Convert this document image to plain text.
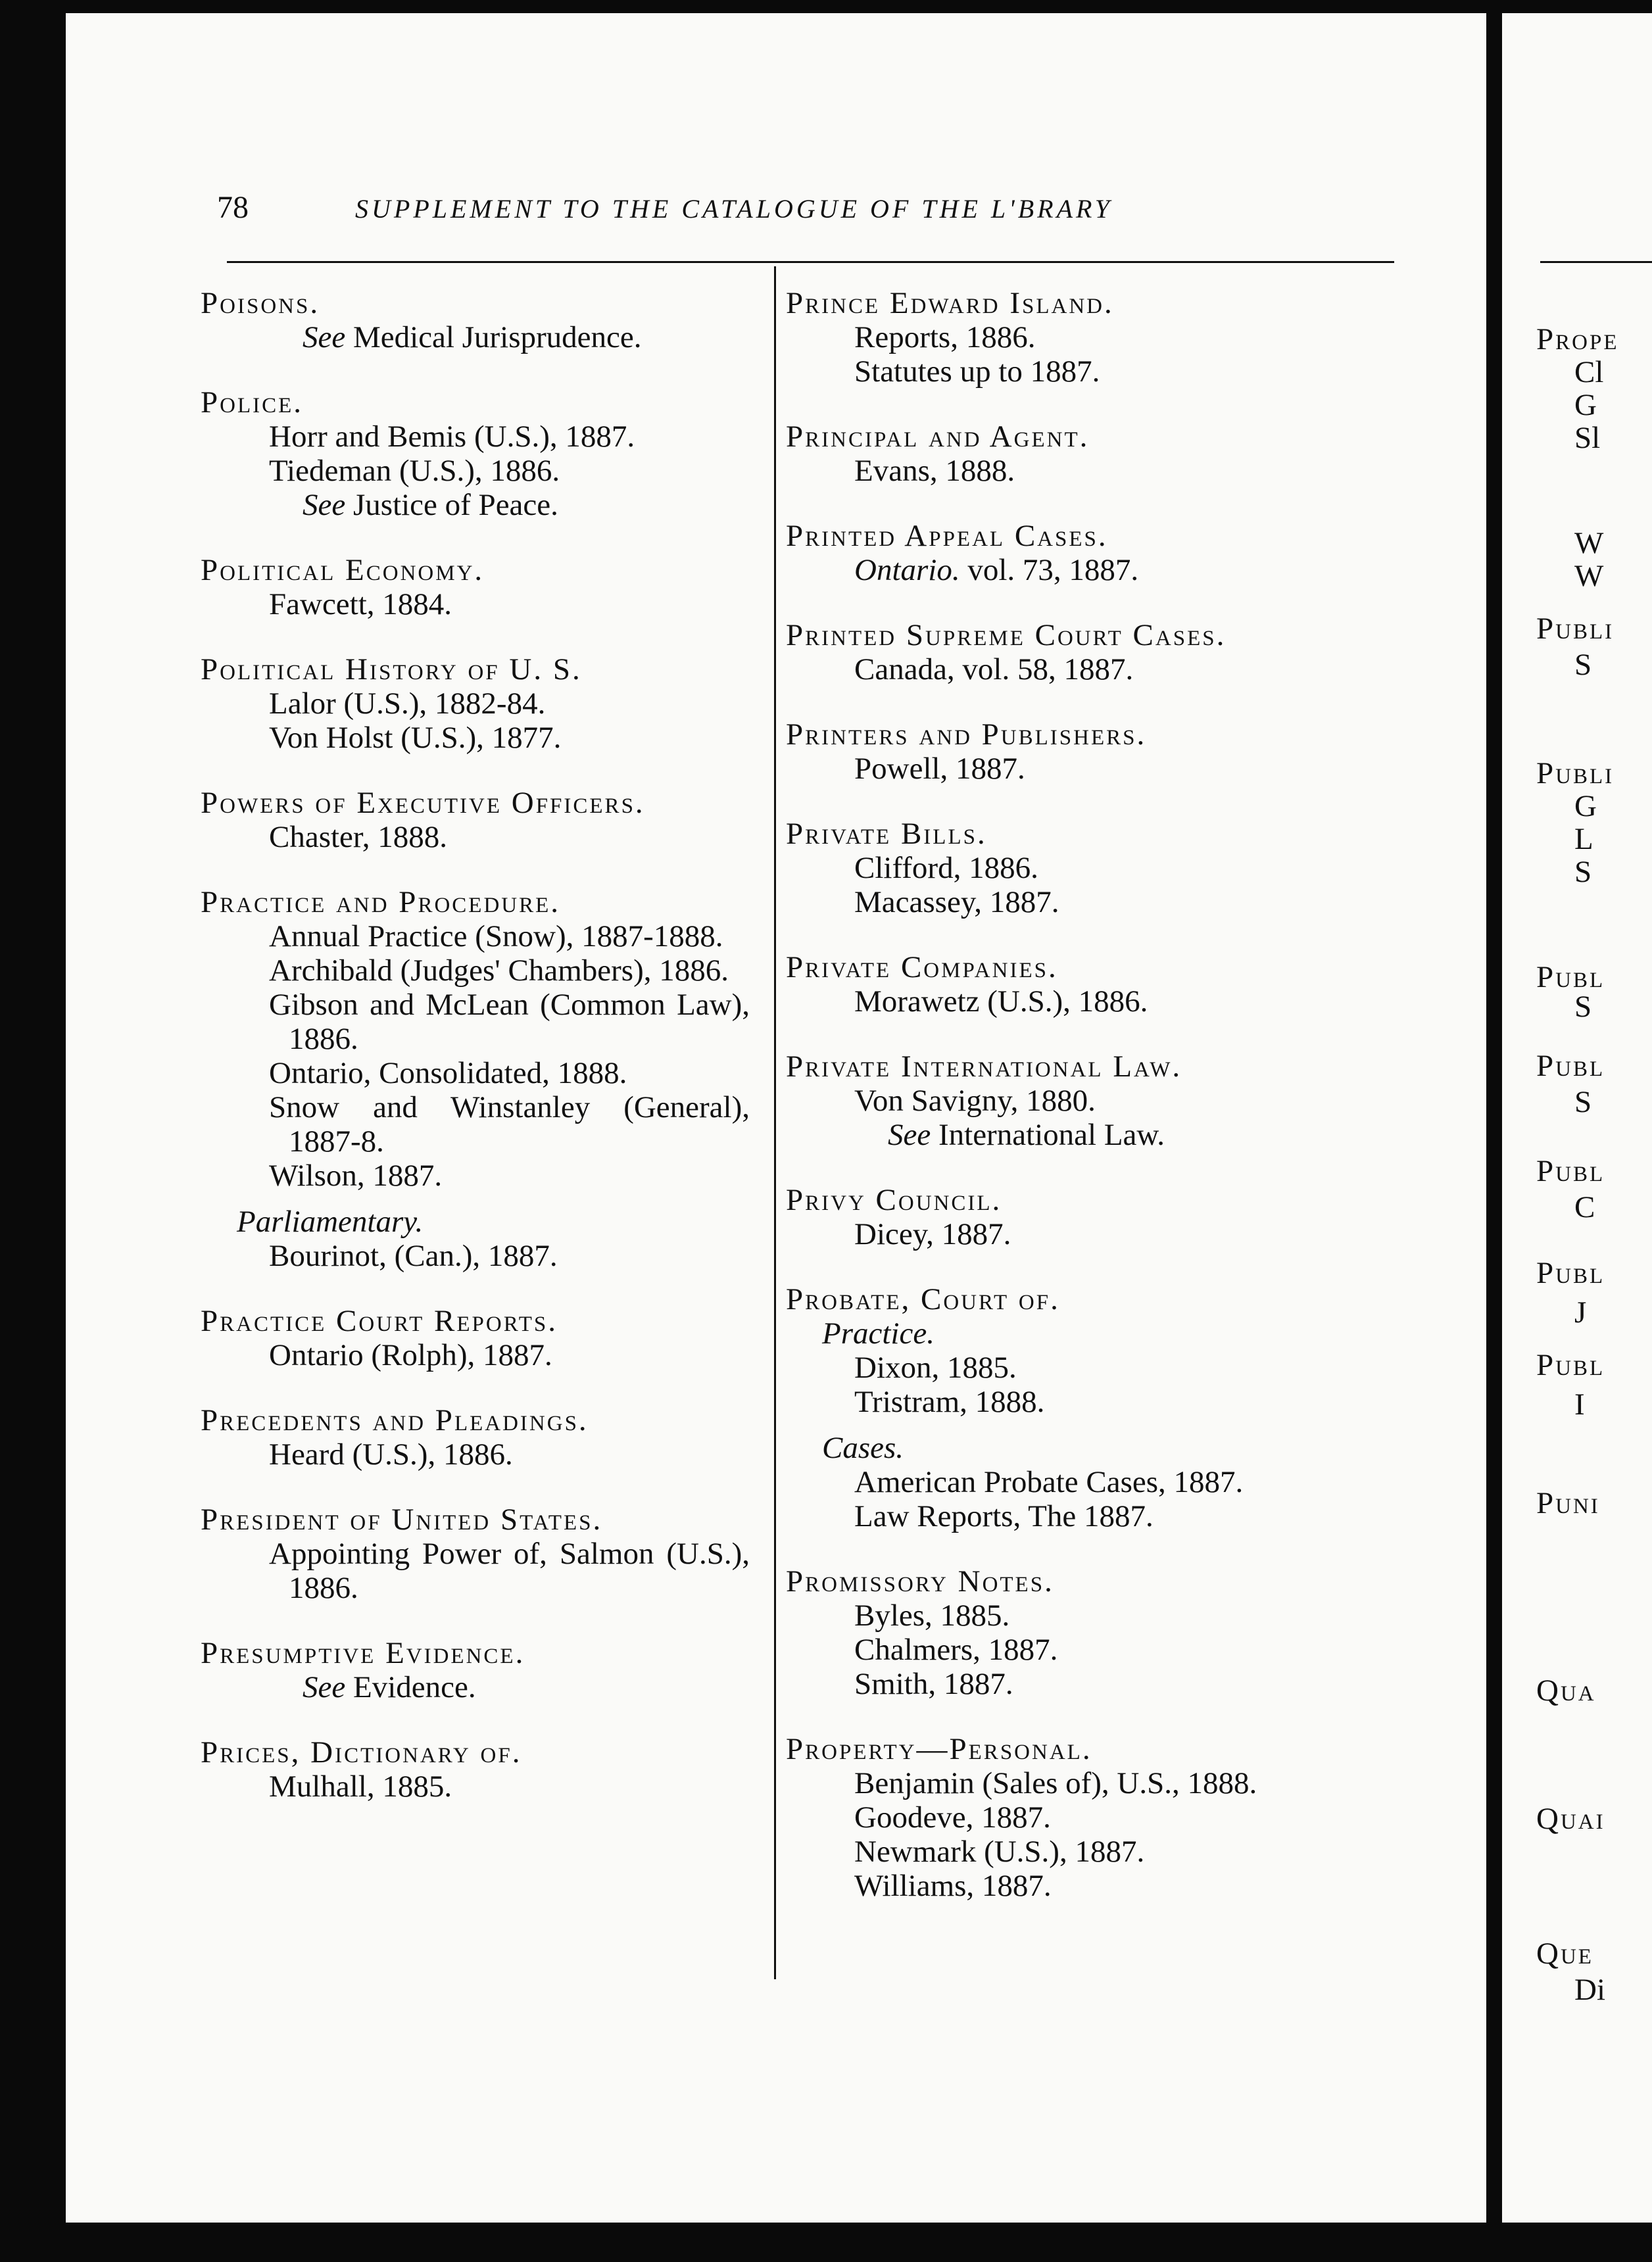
78	SUPPLEMENT TO THE CATALOGUE OF THE L'BRARY
Poisons.
See Medical Jurisprudence.
Police.
Horr and Bemis (U.S.), 1887.
Tiedeman (U.S.), 1886.
See Justice of Peace.
Political Economy.
Fawcett, 1884.
Political History of U. S.
Lalor (U.S.), 1882-84.
Von Holst (U.S.), 1877.
Powers of Executive Officers.
Chaster, 1888.
Practice and Procedure.
Annual Practice (Snow), 1887-1888.
Archibald (Judges' Chambers), 1886.
Gibson and McLean (Common Law), 1886.
Ontario, Consolidated, 1888.
Snow and Winstanley (General), 1887-8.
Wilson, 1887.
Parliamentary.
Bourinot, (Can.), 1887.
Practice Court Reports.
Ontario (Rolph), 1887.
Precedents and Pleadings.
Heard (U.S.), 1886.
President of United States.
Appointing Power of, Salmon (U.S.), 1886.
Presumptive Evidence.
See Evidence.
Prices, Dictionary of.
Mulhall, 1885.
Prince Edward Island.
Reports, 1886.
Statutes up to 1887.
Principal and Agent.
Evans, 1888.
Printed Appeal Cases.
Ontario. vol. 73, 1887.
Printed Supreme Court Cases.
Canada, vol. 58, 1887.
Printers and Publishers.
Powell, 1887.
Private Bills.
Clifford, 1886.
Macassey, 1887.
Private Companies.
Morawetz (U.S.), 1886.
Private International Law.
Von Savigny, 1880.
See International Law.
Privy Council.
Dicey, 1887.
Probate, Court of.
Practice.
Dixon, 1885.
Tristram, 1888.
Cases.
American Probate Cases, 1887.
Law Reports, The 1887.
Promissory Notes.
Byles, 1885.
Chalmers, 1887.
Smith, 1887.
Property—Personal.
Benjamin (Sales of), U.S., 1888.
Goodeve, 1887.
Newmark (U.S.), 1887.
Williams, 1887.
Prope
Publi
Publi
Publ
Publ
Publ
Publ
Publ
Puni
Qua
Quai
Que
Cl
G
Sl
W
W
S
G
L
S
S
S
C
J
I
Di
